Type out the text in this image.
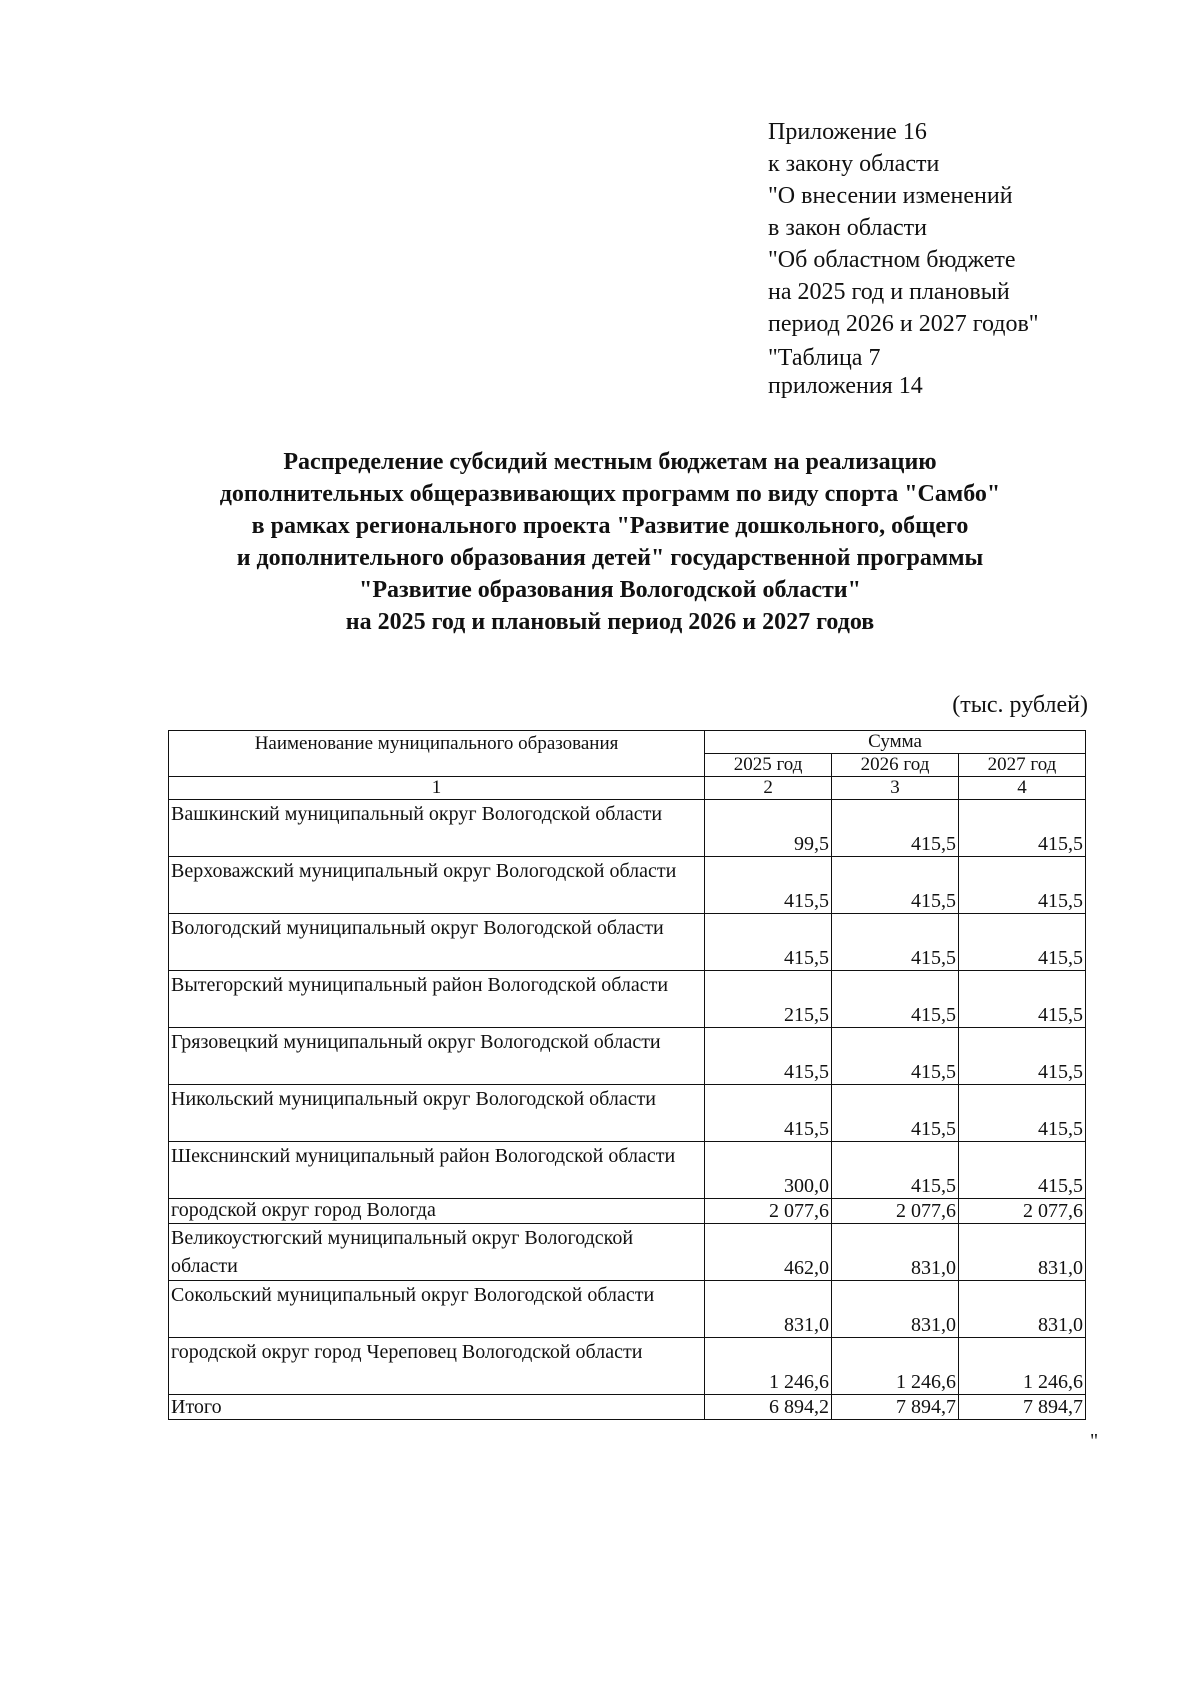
Приложение 16
к закону области
"О внесении изменений
в закон области
"Об областном бюджете
на 2025 год и плановый
период 2026 и 2027 годов"
"Таблица 7
приложения 14
Распределение субсидий местным бюджетам на реализацию
дополнительных общеразвивающих программ по виду спорта "Самбо"
в рамках регионального проекта "Развитие дошкольного, общего
и дополнительного образования детей" государственной программы
"Развитие образования Вологодской области"
на 2025 год и плановый период 2026 и 2027 годов
(тыс. рублей)
Наименование муниципального образования	Сумма		
	2025 год	2026 год	2027 год
1	2	3	4
Вашкинский муниципальный округ Вологодской области	99,5	415,5	415,5
Верховажский муниципальный округ Вологодской области	415,5	415,5	415,5
Вологодский муниципальный округ Вологодской области	415,5	415,5	415,5
Вытегорский муниципальный район Вологодской области	215,5	415,5	415,5
Грязовецкий муниципальный округ Вологодской области	415,5	415,5	415,5
Никольский муниципальный округ Вологодской области	415,5	415,5	415,5
Шекснинский муниципальный район Вологодской области	300,0	415,5	415,5
городской округ город Вологда	2 077,6	2 077,6	2 077,6
Великоустюгский муниципальный округ Вологодской области	462,0	831,0	831,0
Сокольский муниципальный округ Вологодской области	831,0	831,0	831,0
городской округ город Череповец Вологодской области	1 246,6	1 246,6	1 246,6
Итого	6 894,2	7 894,7	7 894,7
"
